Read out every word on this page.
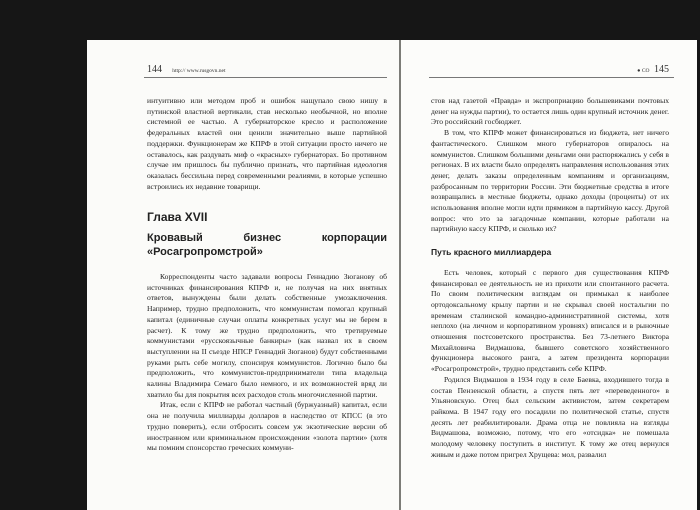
144 http:// www.rusgovn.net

интуитивно или методом проб и ошибок нащупало свою нишу в путинской властной вертикали, став несколько необычной, но вполне системной ее частью. А губернаторское кресло и расположение федеральных властей они ценили значительно выше партийной поддержки. Функционерам же КПРФ в этой ситуации просто ничего не оставалось, как раздувать миф о «красных» губернаторах. Бо противном случае им пришлось бы публично признать, что партийная идеология оказалась бессильна перед современными реалиями, в которые успешно встроились их недавние товарищи.

Глава XVII
Кровавый бизнес корпорации «Росагропромстрой»

Корреспонденты часто задавали вопросы Геннадию Зюганову об источниках финансирования КПРФ и, не получая на них внятных ответов, вынуждены были делать собственные умозаключения. Например, трудно предположить, что коммунистам помогал крупный капитал (единичные случаи оплаты конкретных услуг мы не берем в расчет). К тому же трудно предположить, что третируемые коммунистами «русскоязычные банкиры» (как назвал их в своем выступлении на II съезде НПСР Геннадий Зюганов) будут собственными руками рыть себе могилу, спонсируя коммунистов. Логично было бы предположить, что коммунистов-предприниматели типа владельца калины Владимира Семаго было немного, и их возможностей вряд ли хватило бы для покрытия всех расходов столь многочисленной партии.

Итак, если с КПРФ не работал частный (буржуазный) капитал, если она не получила миллиарды долларов в наследство от КПСС (в это трудно поверить), если отбросить совсем уж экзотические версии об иностранном или криминальном происхождении «золота партии» (хотя мы помним спонсорство греческих коммуни-

● CO 145

стов над газетой «Правда» и экспроприацию большевиками почтовых денег на нужды партии), то остается лишь один крупный источник денег. Это российский госбюджет.

В том, что КПРФ может финансироваться из бюджета, нет ничего фантастического. Слишком много губернаторов опиралось на коммунистов. Слишком большими деньгами они распоряжались у себя в регионах. В их власти было определять направления использования этих денег, делать заказы определенным компаниям и организациям, разбросанным по территории России. Эти бюджетные средства в итоге возвращались в местные бюджеты, однако доходы (проценты) от их использования вполне могли идти прямиком в партийную кассу. Другой вопрос: что это за загадочные компании, которые работали на партийную кассу КПРФ, и сколько их?

Путь красного миллиардера

Есть человек, который с первого дня существования КПРФ финансировал ее деятельность не из прихоти или спонтанного расчета. По своим политическим взглядам он примыкал к наиболее ортодоксальному крылу партии и не скрывал своей ностальгии по временам сталинской командно-административной системы, хотя неплохо (на личном и корпоративном уровнях) вписался и в рыночные отношения постсоветского пространства. Без 73-летнего Виктора Михайловича Видмашова, бывшего советского хозяйственного функционера высокого ранга, а затем президента корпорации «Росагропромстрой», трудно представить себе КПРФ.

Родился Видмашов в 1934 году в селе Баевка, входившего тогда в состав Пензенской области, а спустя пять лет «переведенного» в Ульяновскую. Отец был сельским активистом, затем секретарем райкома. В 1947 году его посадили по политической статье, спустя десять лет реабилитировали. Драма отца не повлияла на взгляды Видмашова, возможно, потому, что его «отсидка» не помешала молодому человеку поступить в институт. К тому же отец вернулся живым и даже потом пригрел Хрущева: мол, развалил
